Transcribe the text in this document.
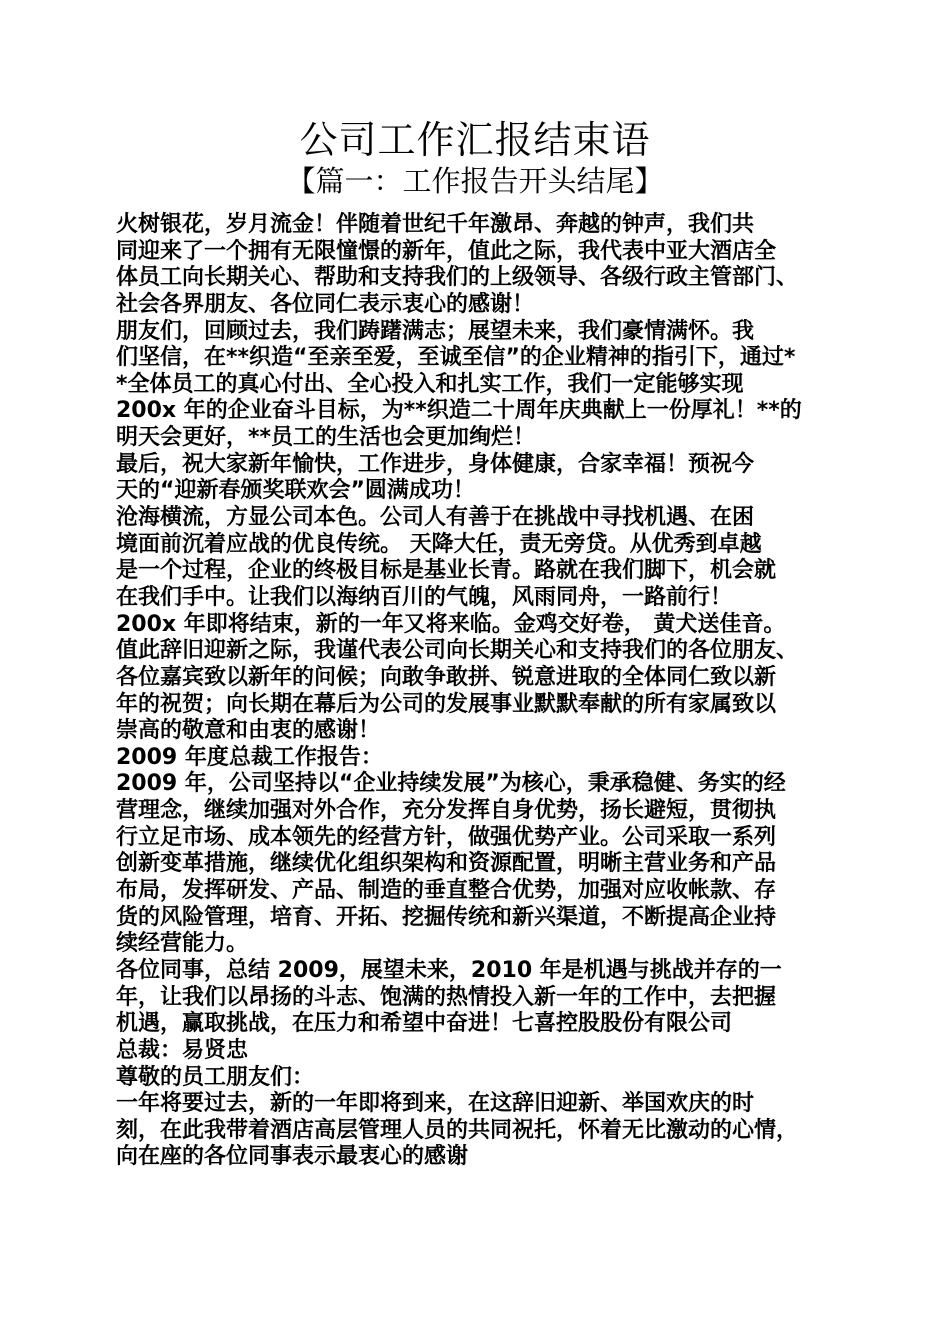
公司工作汇报结束语
【篇一：工作报告开头结尾】
火树银花，岁月流金！伴随着世纪千年激昂、奔越的钟声，我们共
同迎来了一个拥有无限憧憬的新年，值此之际，我代表中亚大酒店全
体员工向长期关心、帮助和支持我们的上级领导、各级行政主管部门、
社会各界朋友、各位同仁表示衷心的感谢！
朋友们，回顾过去，我们踌躇满志；展望未来，我们豪情满怀。我
们坚信，在**织造“至亲至爱，至诚至信”的企业精神的指引下，通过*
*全体员工的真心付出、全心投入和扎实工作，我们一定能够实现
200x 年的企业奋斗目标，为**织造二十周年庆典献上一份厚礼！**的
明天会更好，**员工的生活也会更加绚烂！
最后，祝大家新年愉快，工作进步，身体健康，合家幸福！预祝今
天的“迎新春颁奖联欢会”圆满成功！
沧海横流，方显公司本色。公司人有善于在挑战中寻找机遇、在困
境面前沉着应战的优良传统。 天降大任，责无旁贷。从优秀到卓越
是一个过程，企业的终极目标是基业长青。路就在我们脚下，机会就
在我们手中。让我们以海纳百川的气魄，风雨同舟，一路前行！
200x 年即将结束，新的一年又将来临。金鸡交好卷， 黄犬送佳音。
值此辞旧迎新之际，我谨代表公司向长期关心和支持我们的各位朋友、
各位嘉宾致以新年的问候；向敢争敢拼、锐意进取的全体同仁致以新
年的祝贺；向长期在幕后为公司的发展事业默默奉献的所有家属致以
崇高的敬意和由衷的感谢！
2009 年度总裁工作报告：
2009 年，公司坚持以“企业持续发展”为核心，秉承稳健、务实的经
营理念，继续加强对外合作，充分发挥自身优势，扬长避短，贯彻执
行立足市场、成本领先的经营方针，做强优势产业。公司采取一系列
创新变革措施，继续优化组织架构和资源配置，明晰主营业务和产品
布局，发挥研发、产品、制造的垂直整合优势，加强对应收帐款、存
货的风险管理，培育、开拓、挖掘传统和新兴渠道，不断提高企业持
续经营能力。
各位同事，总结 2009，展望未来，2010 年是机遇与挑战并存的一
年，让我们以昂扬的斗志、饱满的热情投入新一年的工作中，去把握
机遇，赢取挑战，在压力和希望中奋进！七喜控股股份有限公司
总裁：易贤忠
尊敬的员工朋友们：
一年将要过去，新的一年即将到来，在这辞旧迎新、举国欢庆的时
刻，在此我带着酒店高层管理人员的共同祝托，怀着无比激动的心情，
向在座的各位同事表示最衷心的感谢
